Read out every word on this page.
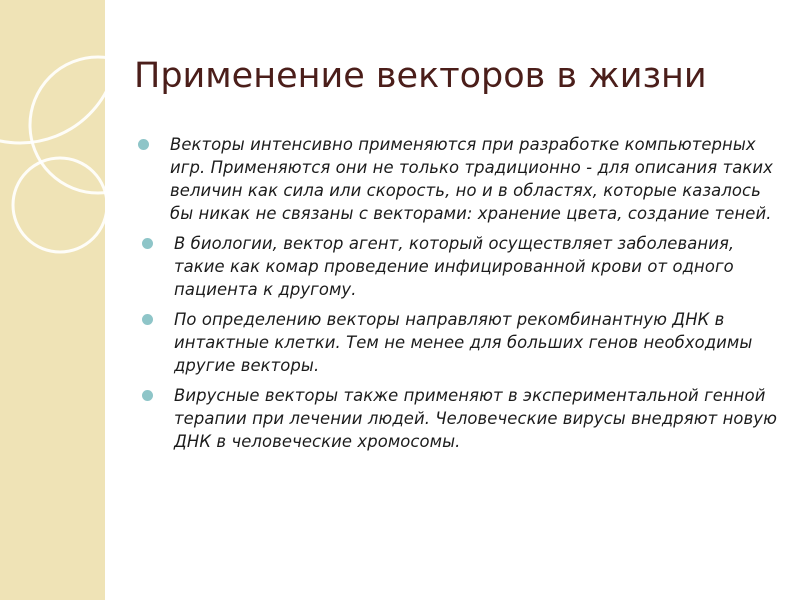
Применение векторов в жизни
Векторы интенсивно применяются при разработке компьютерных игр. Применяются они не только традиционно - для описания таких величин как сила или скорость, но и в областях, которые казалось бы никак не связаны с векторами: хранение цвета, создание теней.
В биологии, вектор агент, который осуществляет заболевания, такие как комар проведение инфицированной крови от одного пациента к другому.
По определению векторы направляют рекомбинантную ДНК в интактные клетки. Тем не менее для больших генов необходимы другие векторы.
Вирусные векторы также применяют в экспериментальной генной терапии при лечении людей. Человеческие вирусы внедряют новую ДНК в человеческие хромосомы.
